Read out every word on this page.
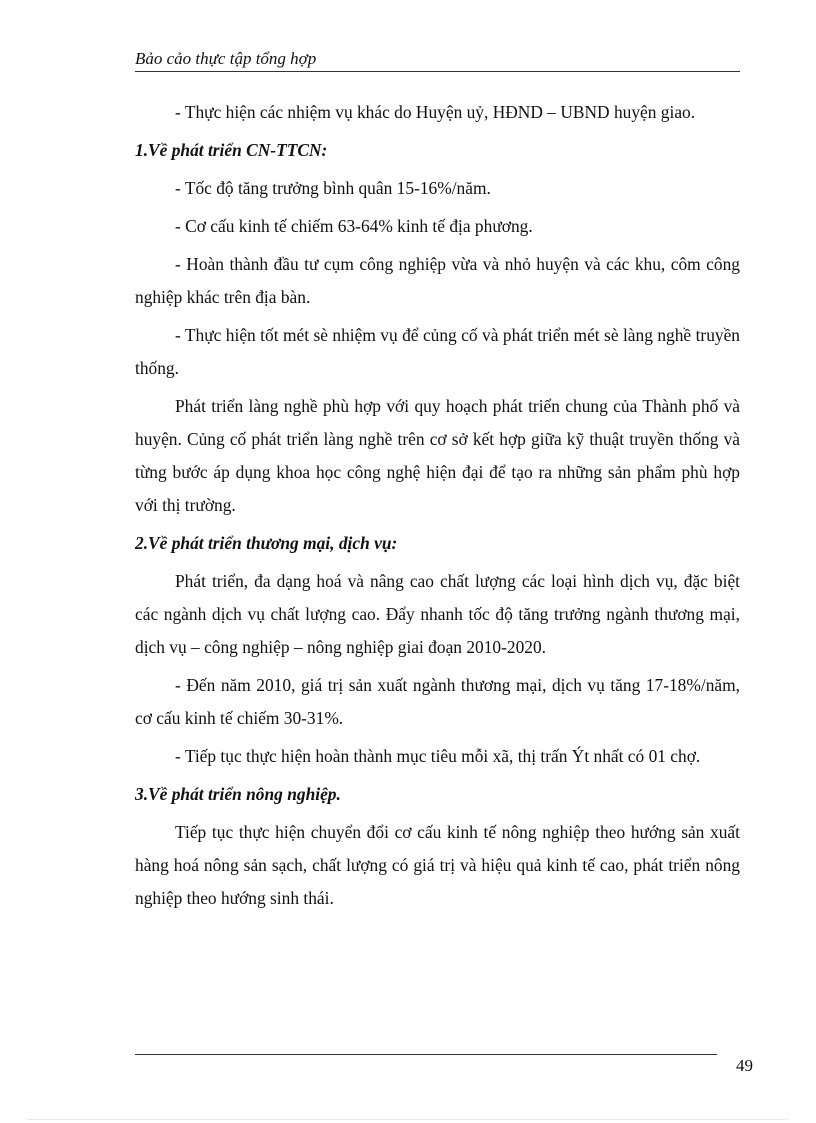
Bảo cảo thực tập tổng hợp

- Thực hiện các nhiệm vụ khác do Huyện uỷ, HĐND – UBND huyện giao.

1.Về phát triển CN-TTCN:

- Tốc độ tăng trưởng bình quân 15-16%/năm.

- Cơ cấu kinh tế chiếm 63-64% kinh tế địa phương.

- Hoàn thành đầu tư cụm công nghiệp vừa và nhỏ huyện và các khu, côm công nghiệp khác trên địa bàn.

- Thực hiện tốt mét sè nhiệm vụ để củng cố và phát triển mét sè làng nghề truyền thống.

Phát triển làng nghề phù hợp với quy hoạch phát triển chung của Thành phố và huyện. Củng cố phát triển làng nghề trên cơ sở kết hợp giữa kỹ thuật truyền thống và từng bước áp dụng khoa học công nghệ hiện đại để tạo ra những sản phẩm phù hợp với thị trường.

2.Về phát triển thương mại, dịch vụ:

Phát triển, đa dạng hoá và nâng cao chất lượng các loại hình dịch vụ, đặc biệt các ngành dịch vụ chất lượng cao. Đẩy nhanh tốc độ tăng trưởng ngành thương mại, dịch vụ – công nghiệp – nông nghiệp giai đoạn 2010-2020.

- Đến năm 2010, giá trị sản xuất ngành thương mại, dịch vụ tăng 17-18%/năm, cơ cấu kinh tế chiếm 30-31%.

- Tiếp tục thực hiện hoàn thành mục tiêu mỗi xã, thị trấn Ýt nhất có 01 chợ.

3.Về phát triển nông nghiệp.

Tiếp tục thực hiện chuyển đổi cơ cấu kinh tế nông nghiệp theo hướng sản xuất hàng hoá nông sản sạch, chất lượng có giá trị và hiệu quả kinh tế cao, phát triển nông nghiệp theo hướng sinh thái.

49
